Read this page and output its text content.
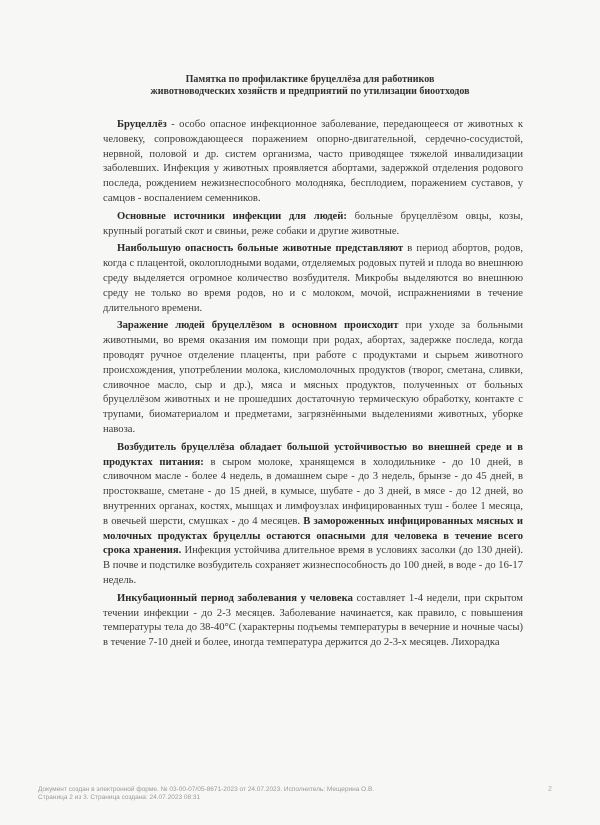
Памятка по профилактике бруцеллёза для работников
животноводческих хозяйств и предприятий по утилизации биоотходов

Бруцеллёз - особо опасное инфекционное заболевание, передающееся от животных к человеку, сопровождающееся поражением опорно-двигательной, сердечно-сосудистой, нервной, половой и др. систем организма, часто приводящее тяжелой инвалидизации заболевших. Инфекция у животных проявляется абортами, задержкой отделения родового последа, рождением нежизнеспособного молодняка, бесплодием, поражением суставов, у самцов - воспалением семенников.

Основные источники инфекции для людей: больные бруцеллёзом овцы, козы, крупный рогатый скот и свиньи, реже собаки и другие животные.

Наибольшую опасность больные животные представляют в период абортов, родов, когда с плацентой, околоплодными водами, отделяемых родовых путей и плода во внешнюю среду выделяется огромное количество возбудителя. Микробы выделяются во внешнюю среду не только во время родов, но и с молоком, мочой, испражнениями в течение длительного времени.

Заражение людей бруцеллёзом в основном происходит при уходе за больными животными, во время оказания им помощи при родах, абортах, задержке последа, когда проводят ручное отделение плаценты, при работе с продуктами и сырьем животного происхождения, употреблении молока, кисломолочных продуктов (творог, сметана, сливки, сливочное масло, сыр и др.), мяса и мясных продуктов, полученных от больных бруцеллёзом животных и не прошедших достаточную термическую обработку, контакте с трупами, биоматериалом и предметами, загрязнёнными выделениями животных, уборке навоза.

Возбудитель бруцеллёза обладает большой устойчивостью во внешней среде и в продуктах питания: в сыром молоке, хранящемся в холодильнике - до 10 дней, в сливочном масле - более 4 недель, в домашнем сыре - до 3 недель, брынзе - до 45 дней, в простокваше, сметане - до 15 дней, в кумысе, шубате - до 3 дней, в мясе - до 12 дней, во внутренних органах, костях, мышцах и лимфоузлах инфицированных туш - более 1 месяца, в овечьей шерсти, смушках - до 4 месяцев. В замороженных инфицированных мясных и молочных продуктах бруцеллы остаются опасными для человека в течение всего срока хранения. Инфекция устойчива длительное время в условиях засолки (до 130 дней). В почве и подстилке возбудитель сохраняет жизнеспособность до 100 дней, в воде - до 16-17 недель.

Инкубационный период заболевания у человека составляет 1-4 недели, при скрытом течении инфекции - до 2-3 месяцев. Заболевание начинается, как правило, с повышения температуры тела до 38-40°С (характерны подъемы температуры в вечерние и ночные часы) в течение 7-10 дней и более, иногда температура держится до 2-3-х месяцев. Лихорадка

Документ создан в электронной форме. № 03-00-07/05-8671-2023 от 24.07.2023. Исполнитель: Мещерина О.В.
Страница 2 из 3. Страница создана: 24.07.2023 08:31
2
